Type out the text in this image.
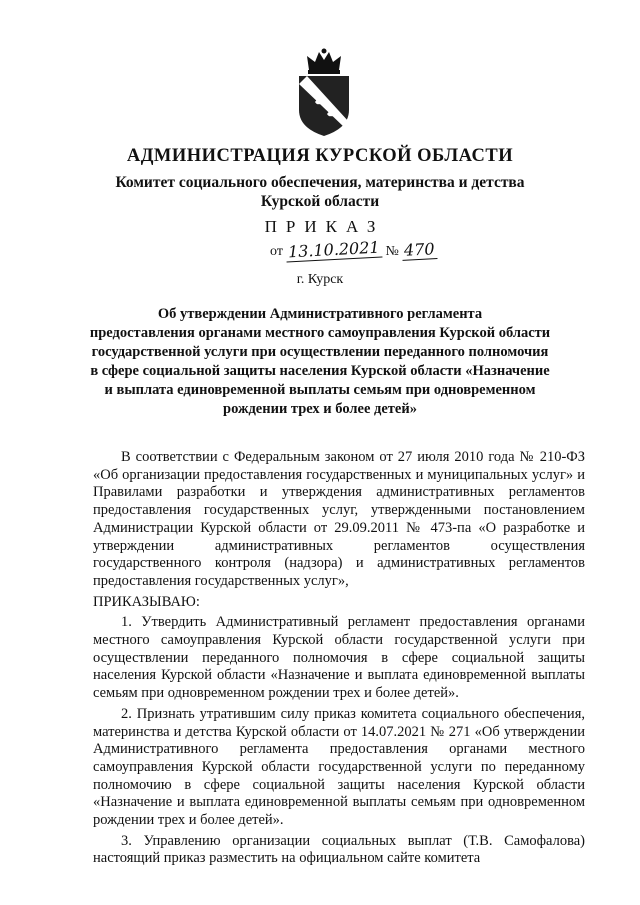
АДМИНИСТРАЦИЯ КУРСКОЙ ОБЛАСТИ
Комитет социального обеспечения, материнства и детства
Курской области
ПРИКАЗ
от 13.10.2021 № 470
г. Курск
Об утверждении Административного регламента
предоставления органами местного самоуправления Курской области
государственной услуги при осуществлении переданного полномочия
в сфере социальной защиты населения Курской области «Назначение
и выплата единовременной выплаты семьям при одновременном
рождении трех и более детей»

В соответствии с Федеральным законом от 27 июля 2010 года № 210-ФЗ «Об организации предоставления государственных и муниципальных услуг» и Правилами разработки и утверждения административных регламентов предоставления государственных услуг, утвержденными постановлением Администрации Курской области от 29.09.2011 № 473-па «О разработке и утверждении административных регламентов осуществления государственного контроля (надзора) и административных регламентов предоставления государственных услуг»,

ПРИКАЗЫВАЮ:

1. Утвердить Административный регламент предоставления органами местного самоуправления Курской области государственной услуги при осуществлении переданного полномочия в сфере социальной защиты населения Курской области «Назначение и выплата единовременной выплаты семьям при одновременном рождении трех и более детей».

2. Признать утратившим силу приказ комитета социального обеспечения, материнства и детства Курской области от 14.07.2021 № 271 «Об утверждении Административного регламента предоставления органами местного самоуправления Курской области государственной услуги по переданному полномочию в сфере социальной защиты населения Курской области «Назначение и выплата единовременной выплаты семьям при одновременном рождении трех и более детей».

3. Управлению организации социальных выплат (Т.В. Самофалова) настоящий приказ разместить на официальном сайте комитета
